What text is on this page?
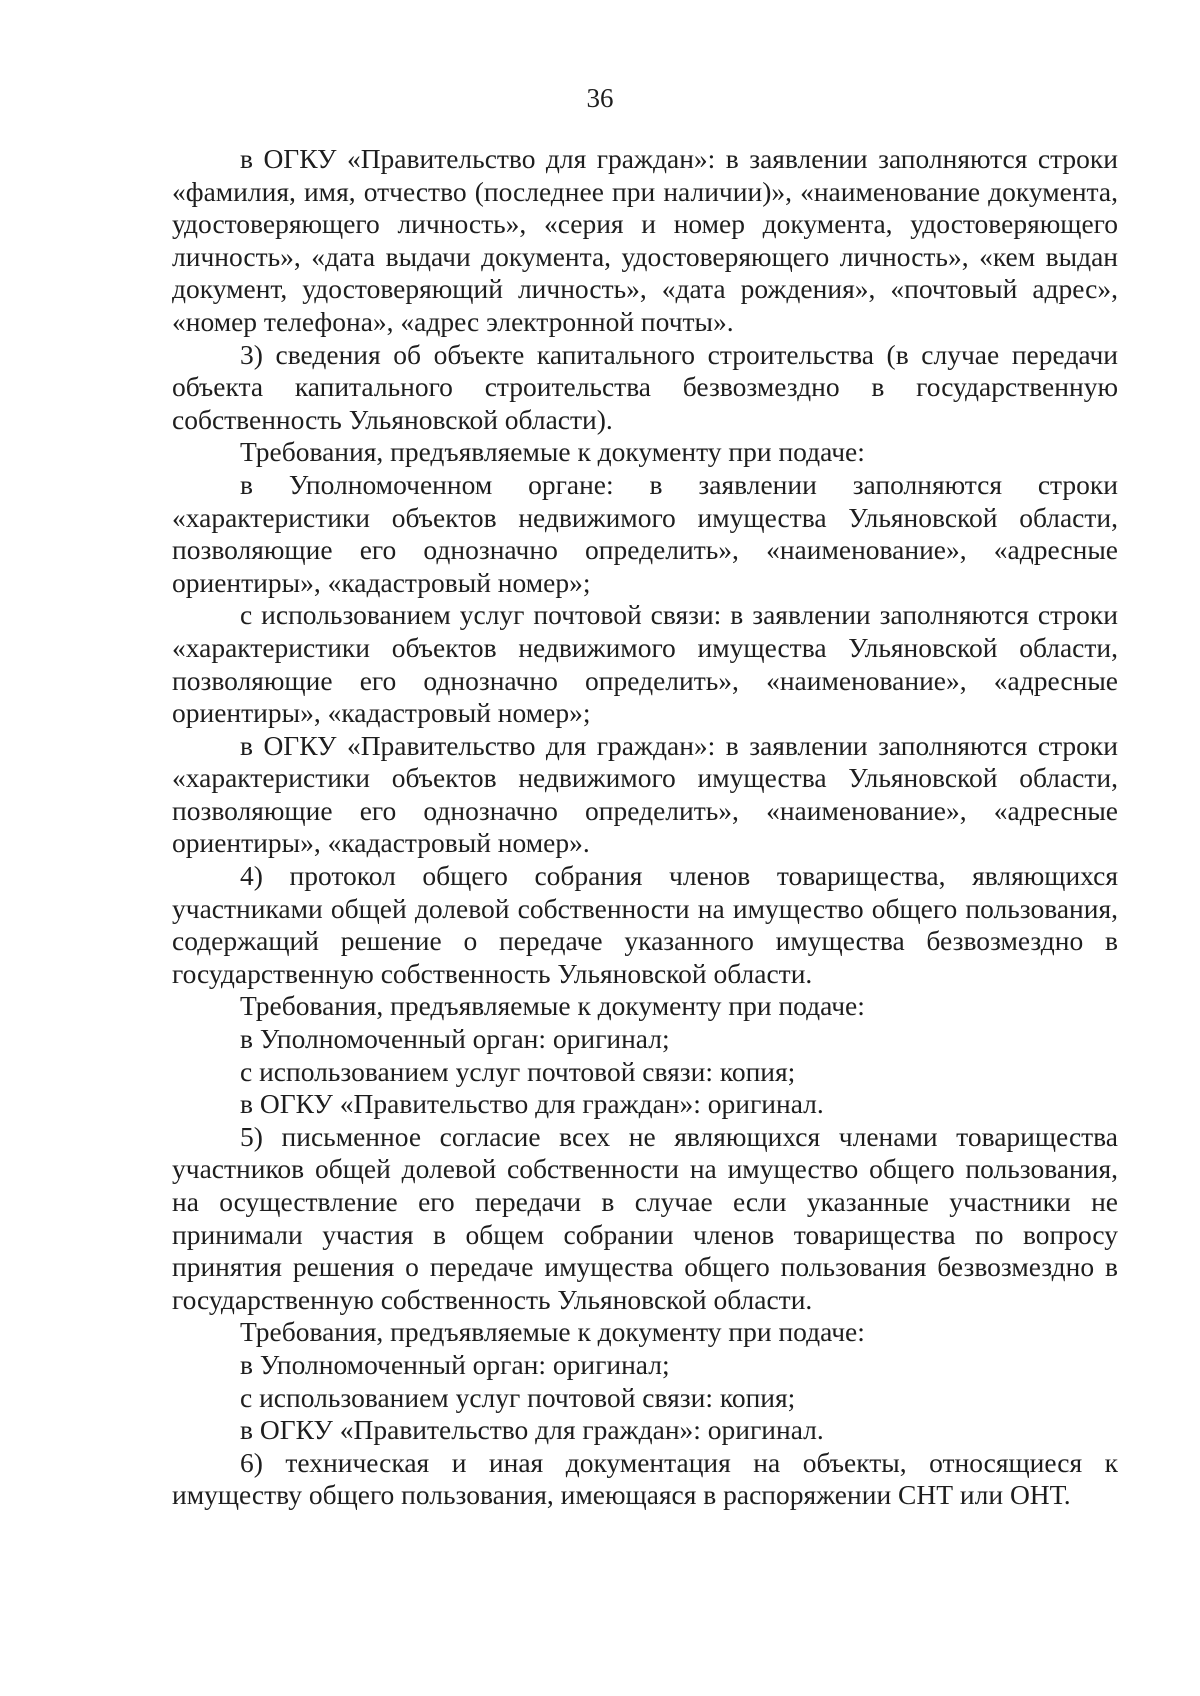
36

в ОГКУ «Правительство для граждан»: в заявлении заполняются строки «фамилия, имя, отчество (последнее при наличии)», «наименование документа, удостоверяющего личность», «серия и номер документа, удостоверяющего личность», «дата выдачи документа, удостоверяющего личность», «кем выдан документ, удостоверяющий личность», «дата рождения», «почтовый адрес», «номер телефона», «адрес электронной почты».

3) сведения об объекте капитального строительства (в случае передачи объекта капитального строительства безвозмездно в государственную собственность Ульяновской области).

Требования, предъявляемые к документу при подаче:

в Уполномоченном органе: в заявлении заполняются строки «характеристики объектов недвижимого имущества Ульяновской области, позволяющие его однозначно определить», «наименование», «адресные ориентиры», «кадастровый номер»;

с использованием услуг почтовой связи: в заявлении заполняются строки «характеристики объектов недвижимого имущества Ульяновской области, позволяющие его однозначно определить», «наименование», «адресные ориентиры», «кадастровый номер»;

в ОГКУ «Правительство для граждан»: в заявлении заполняются строки «характеристики объектов недвижимого имущества Ульяновской области, позволяющие его однозначно определить», «наименование», «адресные ориентиры», «кадастровый номер».

4) протокол общего собрания членов товарищества, являющихся участниками общей долевой собственности на имущество общего пользования, содержащий решение о передаче указанного имущества безвозмездно в государственную собственность Ульяновской области.

Требования, предъявляемые к документу при подаче:

в Уполномоченный орган: оригинал;

с использованием услуг почтовой связи: копия;

в ОГКУ «Правительство для граждан»: оригинал.

5) письменное согласие всех не являющихся членами товарищества участников общей долевой собственности на имущество общего пользования, на осуществление его передачи в случае если указанные участники не принимали участия в общем собрании членов товарищества по вопросу принятия решения о передаче имущества общего пользования безвозмездно в государственную собственность Ульяновской области.

Требования, предъявляемые к документу при подаче:

в Уполномоченный орган: оригинал;

с использованием услуг почтовой связи: копия;

в ОГКУ «Правительство для граждан»: оригинал.

6) техническая и иная документация на объекты, относящиеся к имуществу общего пользования, имеющаяся в распоряжении СНТ или ОНТ.
